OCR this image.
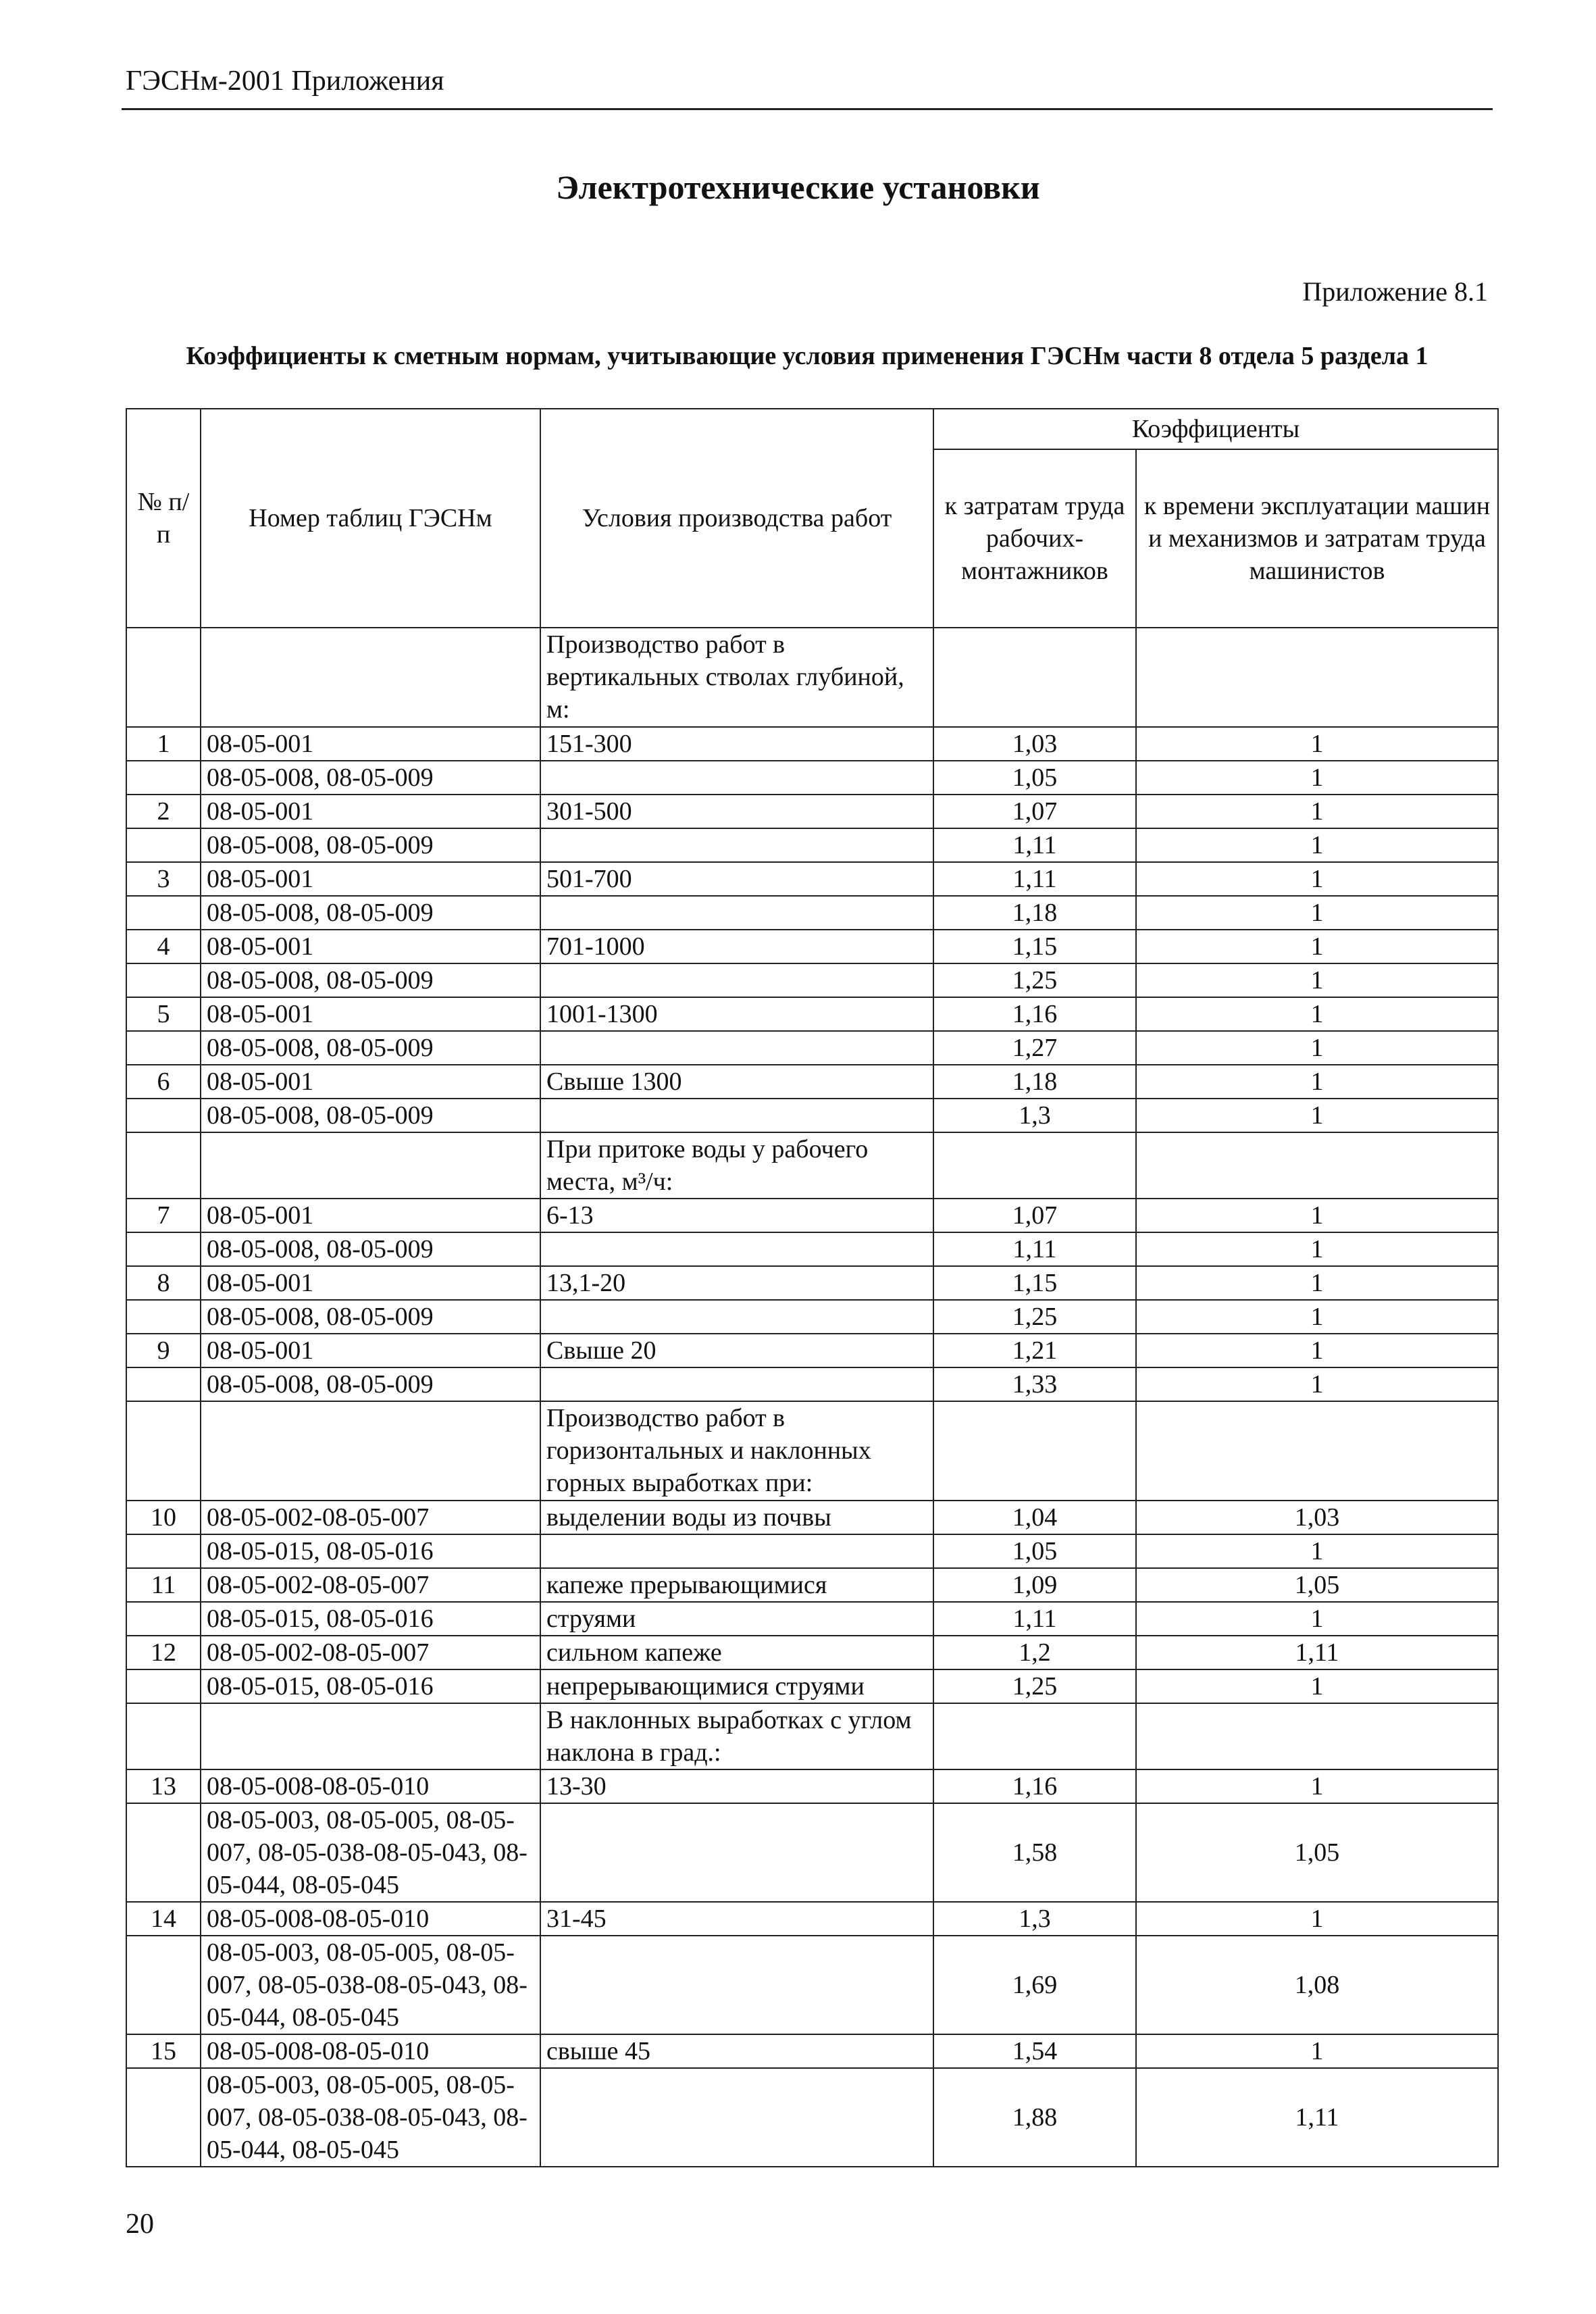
ГЭСНм-2001 Приложения
Электротехнические установки
Приложение 8.1
Коэффициенты к сметным нормам, учитывающие условия применения ГЭСНм части 8 отдела 5 раздела 1
№ п/п	Номер таблиц ГЭСНм	Условия производства работ	Коэффициенты	
			к затратам труда рабочих-монтажников	к времени эксплуатации машин и механизмов и затратам труда машинистов
		Производство работ в вертикальных стволах глубиной, м:		
1	08-05-001	151-300	1,03	1
	08-05-008, 08-05-009		1,05	1
2	08-05-001	301-500	1,07	1
	08-05-008, 08-05-009		1,11	1
3	08-05-001	501-700	1,11	1
	08-05-008, 08-05-009		1,18	1
4	08-05-001	701-1000	1,15	1
	08-05-008, 08-05-009		1,25	1
5	08-05-001	1001-1300	1,16	1
	08-05-008, 08-05-009		1,27	1
6	08-05-001	Свыше 1300	1,18	1
	08-05-008, 08-05-009		1,3	1
		При притоке воды у рабочего места, м³/ч:		
7	08-05-001	6-13	1,07	1
	08-05-008, 08-05-009		1,11	1
8	08-05-001	13,1-20	1,15	1
	08-05-008, 08-05-009		1,25	1
9	08-05-001	Свыше 20	1,21	1
	08-05-008, 08-05-009		1,33	1
		Производство работ в горизонтальных и наклонных горных выработках при:		
10	08-05-002-08-05-007	выделении воды из почвы	1,04	1,03
	08-05-015, 08-05-016		1,05	1
11	08-05-002-08-05-007	капеже прерывающимися	1,09	1,05
	08-05-015, 08-05-016	струями	1,11	1
12	08-05-002-08-05-007	сильном капеже	1,2	1,11
	08-05-015, 08-05-016	непрерывающимися струями	1,25	1
		В наклонных выработках с углом наклона в град.:		
13	08-05-008-08-05-010	13-30	1,16	1
	08-05-003, 08-05-005, 08-05-007, 08-05-038-08-05-043, 08-05-044, 08-05-045		1,58	1,05
14	08-05-008-08-05-010	31-45	1,3	1
	08-05-003, 08-05-005, 08-05-007, 08-05-038-08-05-043, 08-05-044, 08-05-045		1,69	1,08
15	08-05-008-08-05-010	свыше 45	1,54	1
	08-05-003, 08-05-005, 08-05-007, 08-05-038-08-05-043, 08-05-044, 08-05-045		1,88	1,11
20
